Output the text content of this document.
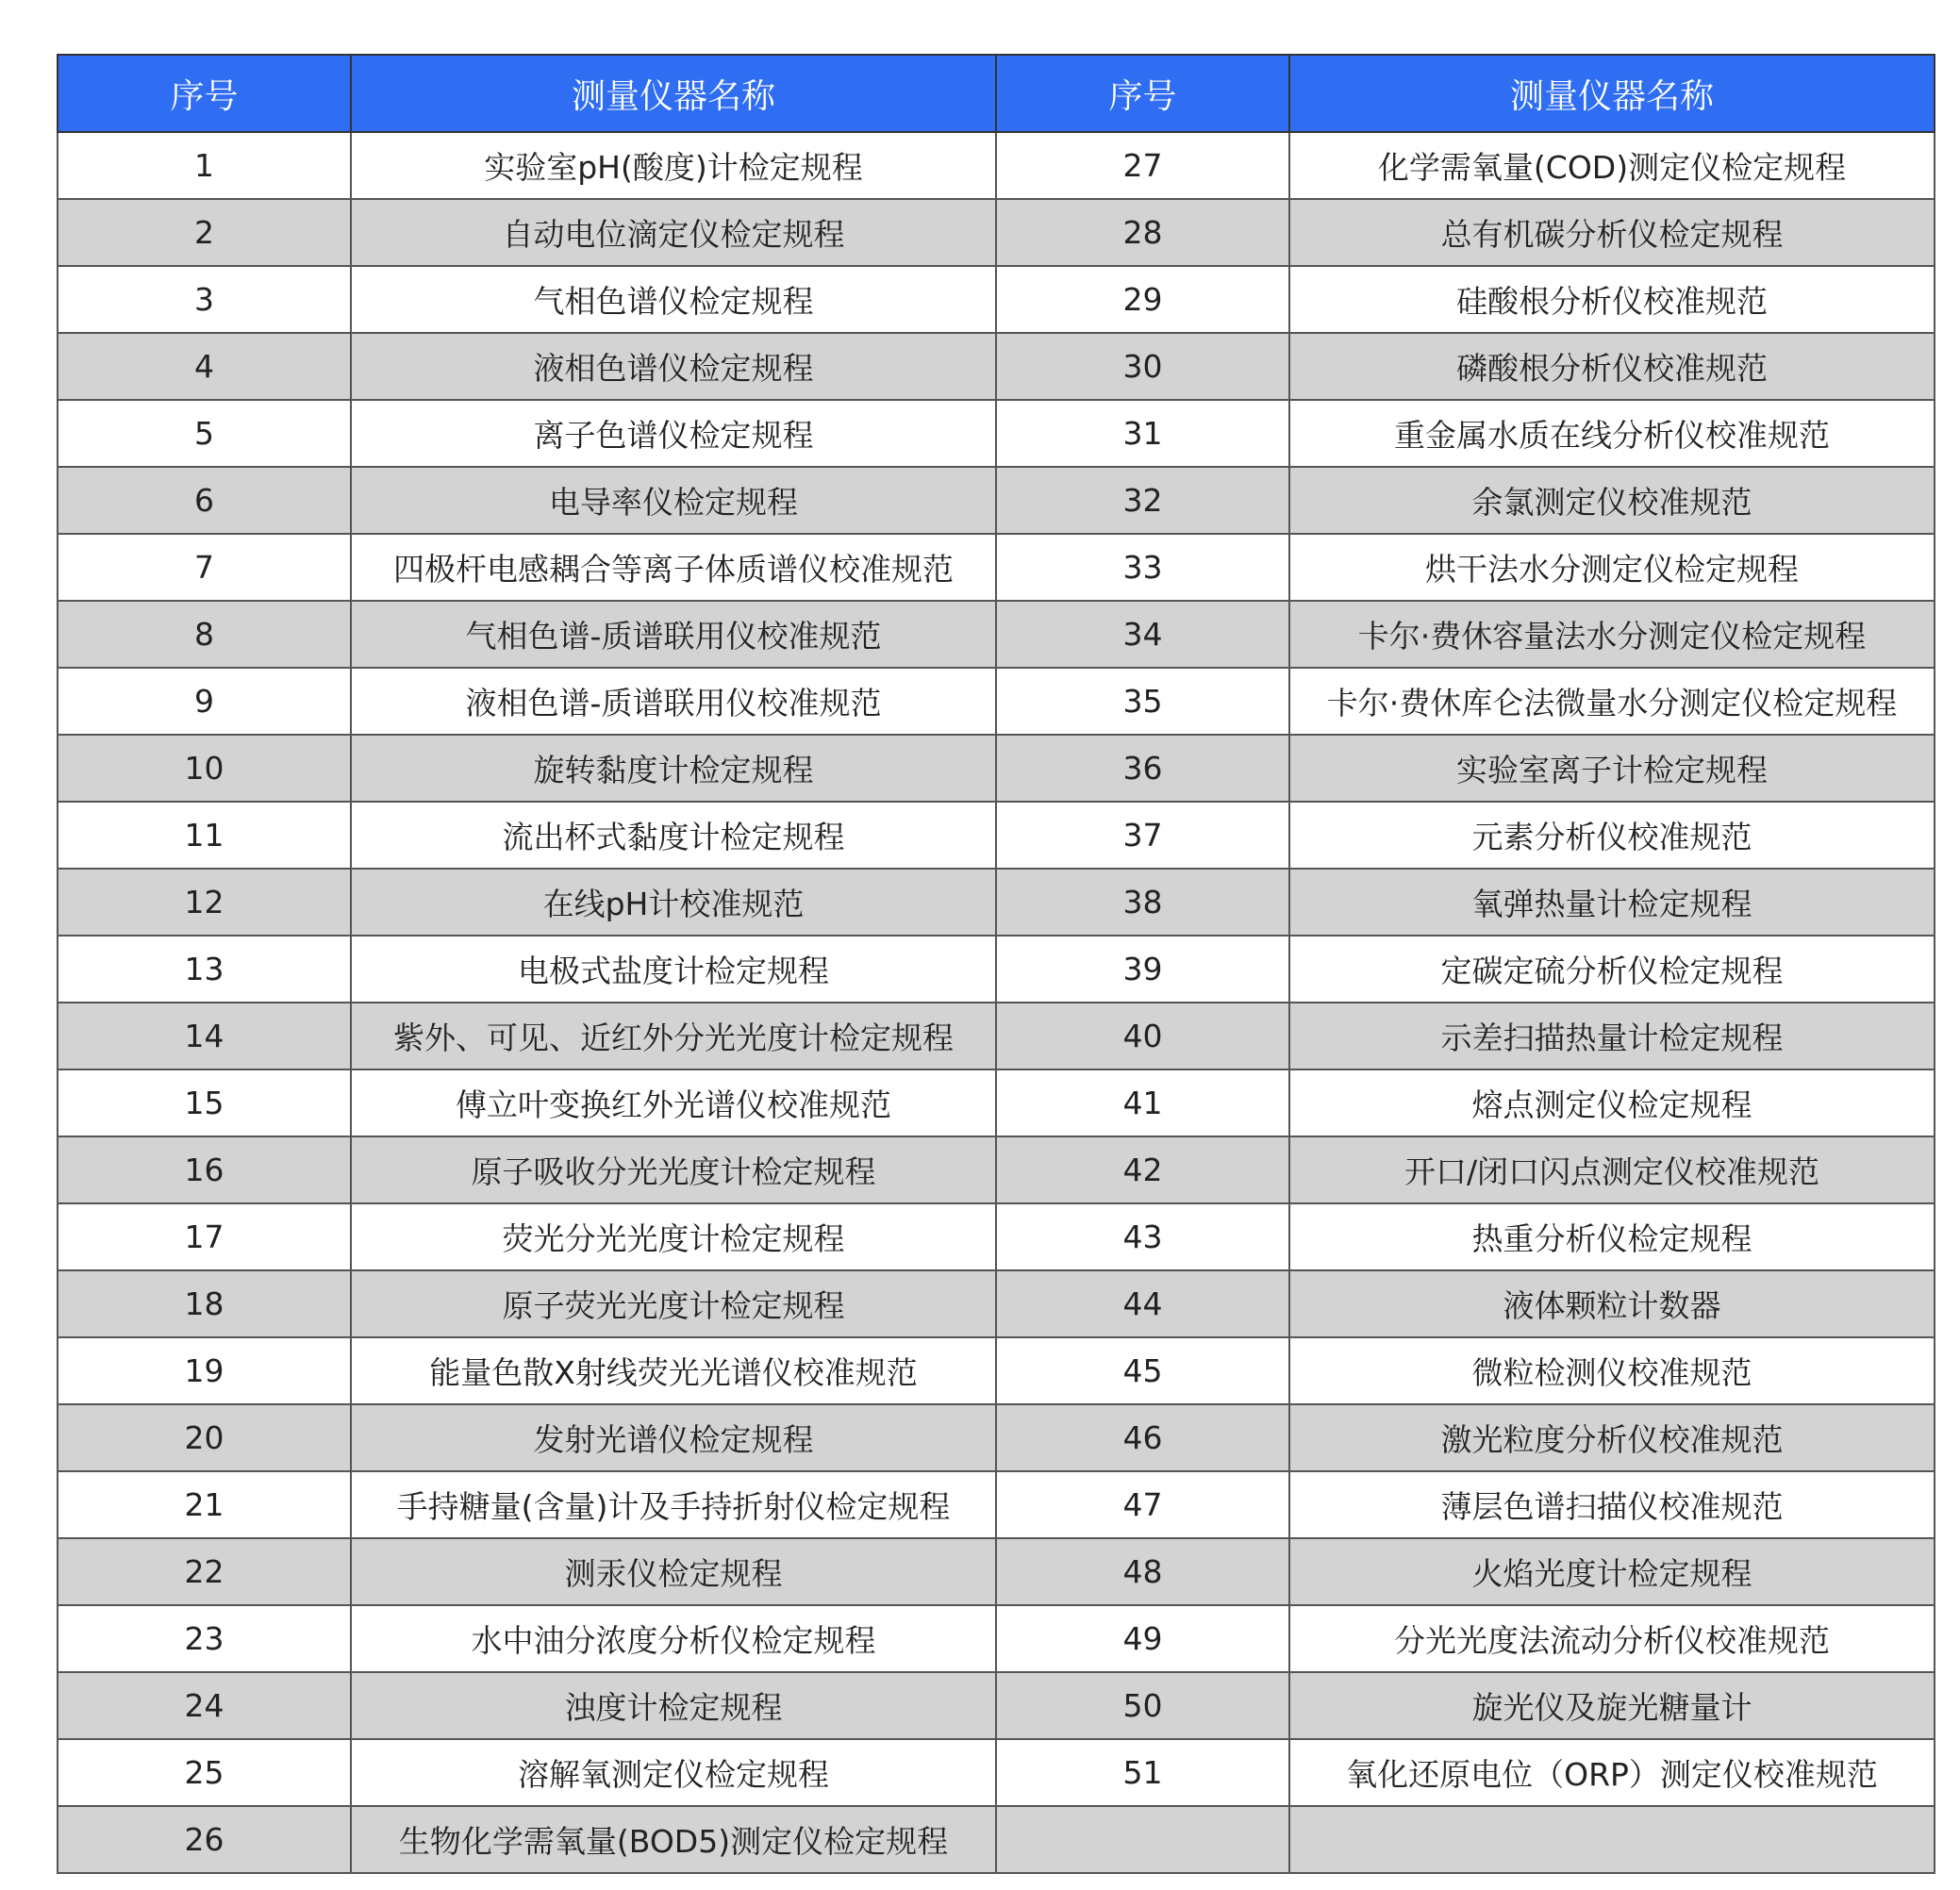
序号	测量仪器名称	序号	测量仪器名称
1	实验室pH(酸度)计检定规程	27	化学需氧量(COD)测定仪检定规程
2	自动电位滴定仪检定规程	28	总有机碳分析仪检定规程
3	气相色谱仪检定规程	29	硅酸根分析仪校准规范
4	液相色谱仪检定规程	30	磷酸根分析仪校准规范
5	离子色谱仪检定规程	31	重金属水质在线分析仪校准规范
6	电导率仪检定规程	32	余氯测定仪校准规范
7	四极杆电感耦合等离子体质谱仪校准规范	33	烘干法水分测定仪检定规程
8	气相色谱-质谱联用仪校准规范	34	卡尔·费休容量法水分测定仪检定规程
9	液相色谱-质谱联用仪校准规范	35	卡尔·费休库仑法微量水分测定仪检定规程
10	旋转黏度计检定规程	36	实验室离子计检定规程
11	流出杯式黏度计检定规程	37	元素分析仪校准规范
12	在线pH计校准规范	38	氧弹热量计检定规程
13	电极式盐度计检定规程	39	定碳定硫分析仪检定规程
14	紫外、可见、近红外分光光度计检定规程	40	示差扫描热量计检定规程
15	傅立叶变换红外光谱仪校准规范	41	熔点测定仪检定规程
16	原子吸收分光光度计检定规程	42	开口/闭口闪点测定仪校准规范
17	荧光分光光度计检定规程	43	热重分析仪检定规程
18	原子荧光光度计检定规程	44	液体颗粒计数器
19	能量色散X射线荧光光谱仪校准规范	45	微粒检测仪校准规范
20	发射光谱仪检定规程	46	激光粒度分析仪校准规范
21	手持糖量(含量)计及手持折射仪检定规程	47	薄层色谱扫描仪校准规范
22	测汞仪检定规程	48	火焰光度计检定规程
23	水中油分浓度分析仪检定规程	49	分光光度法流动分析仪校准规范
24	浊度计检定规程	50	旋光仪及旋光糖量计
25	溶解氧测定仪检定规程	51	氧化还原电位（ORP）测定仪校准规范
26	生物化学需氧量(BOD5)测定仪检定规程		
